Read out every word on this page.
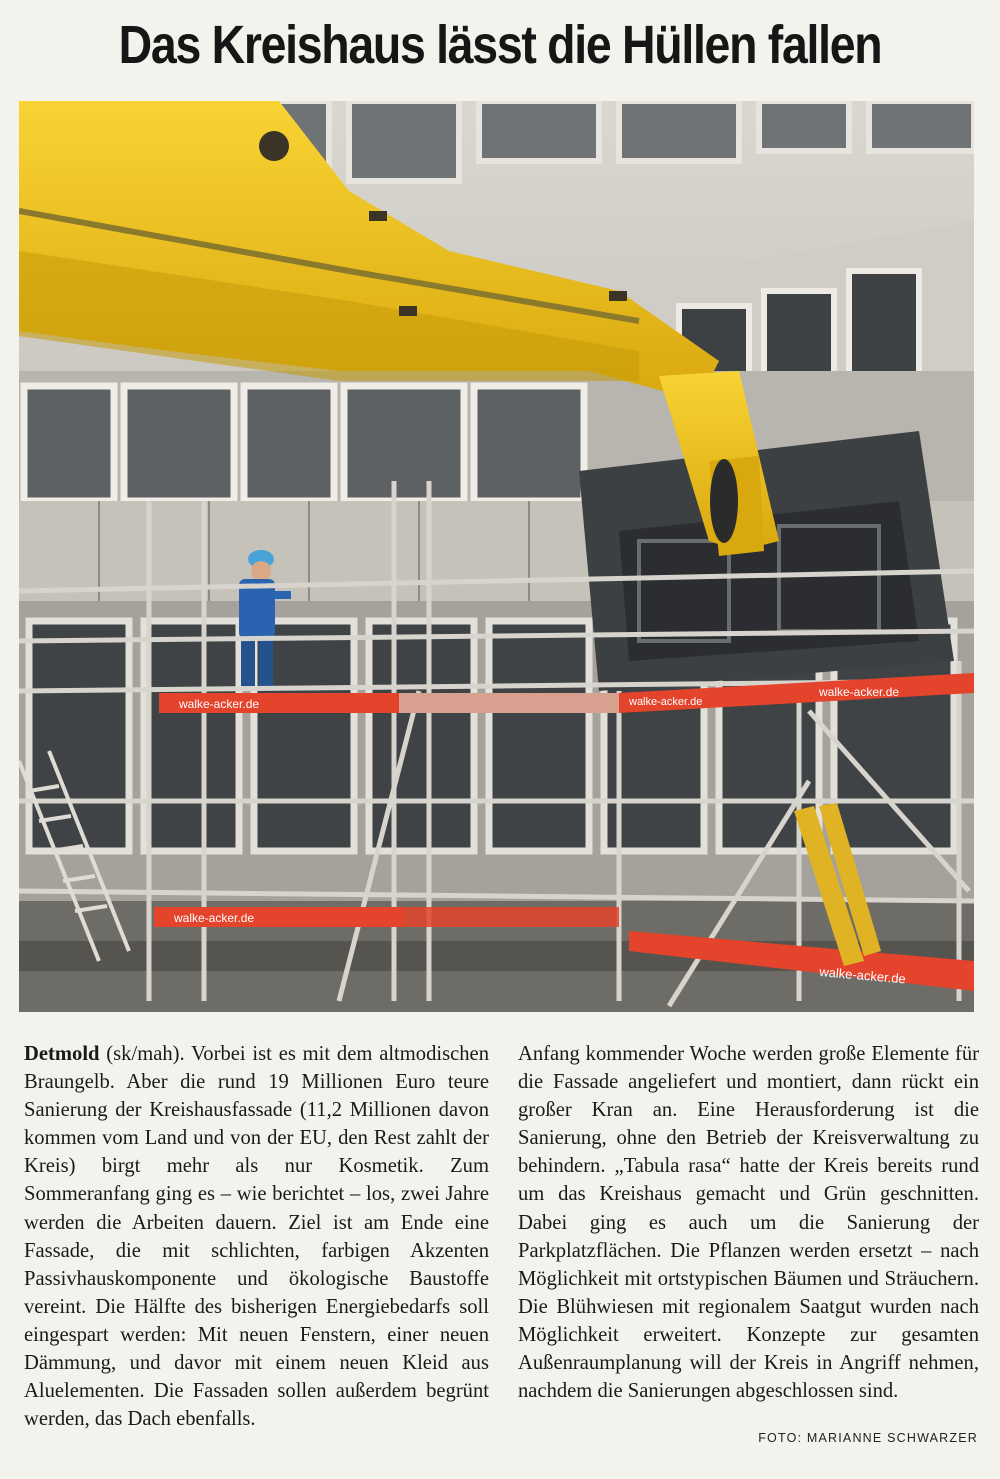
Das Kreishaus lässt die Hüllen fallen
walke-acker.de	walke-acker.de
walke-acker.de
walke-acker.de
walke-acker.de
Detmold (sk/mah). Vorbei ist es mit dem altmodischen Braungelb. Aber die rund 19 Millionen Euro teure Sanierung der Kreishausfassade (11,2 Millionen davon kommen vom Land und von der EU, den Rest zahlt der Kreis) birgt mehr als nur Kosmetik. Zum Sommeranfang ging es – wie berichtet – los, zwei Jahre werden die Arbeiten dauern. Ziel ist am Ende eine Fassade, die mit schlichten, farbigen Akzenten Passivhauskomponente und ökologische Baustoffe vereint. Die Hälfte des bisherigen Energiebedarfs soll eingespart werden: Mit neuen Fenstern, einer neuen Dämmung, und davor mit einem neuen Kleid aus Aluelementen. Die Fassaden sollen außerdem begrünt werden, das Dach ebenfalls.
Anfang kommender Woche werden große Elemente für die Fassade angeliefert und montiert, dann rückt ein großer Kran an. Eine Herausforderung ist die Sanierung, ohne den Betrieb der Kreisverwaltung zu behindern. „Tabula rasa“ hatte der Kreis bereits rund um das Kreishaus gemacht und Grün geschnitten. Dabei ging es auch um die Sanierung der Parkplatzflächen. Die Pflanzen werden ersetzt – nach Möglichkeit mit ortstypischen Bäumen und Sträuchern. Die Blühwiesen mit regionalem Saatgut wurden nach Möglichkeit erweitert. Konzepte zur gesamten Außenraumplanung will der Kreis in Angriff nehmen, nachdem die Sanierungen abgeschlossen sind.
FOTO: MARIANNE SCHWARZER
